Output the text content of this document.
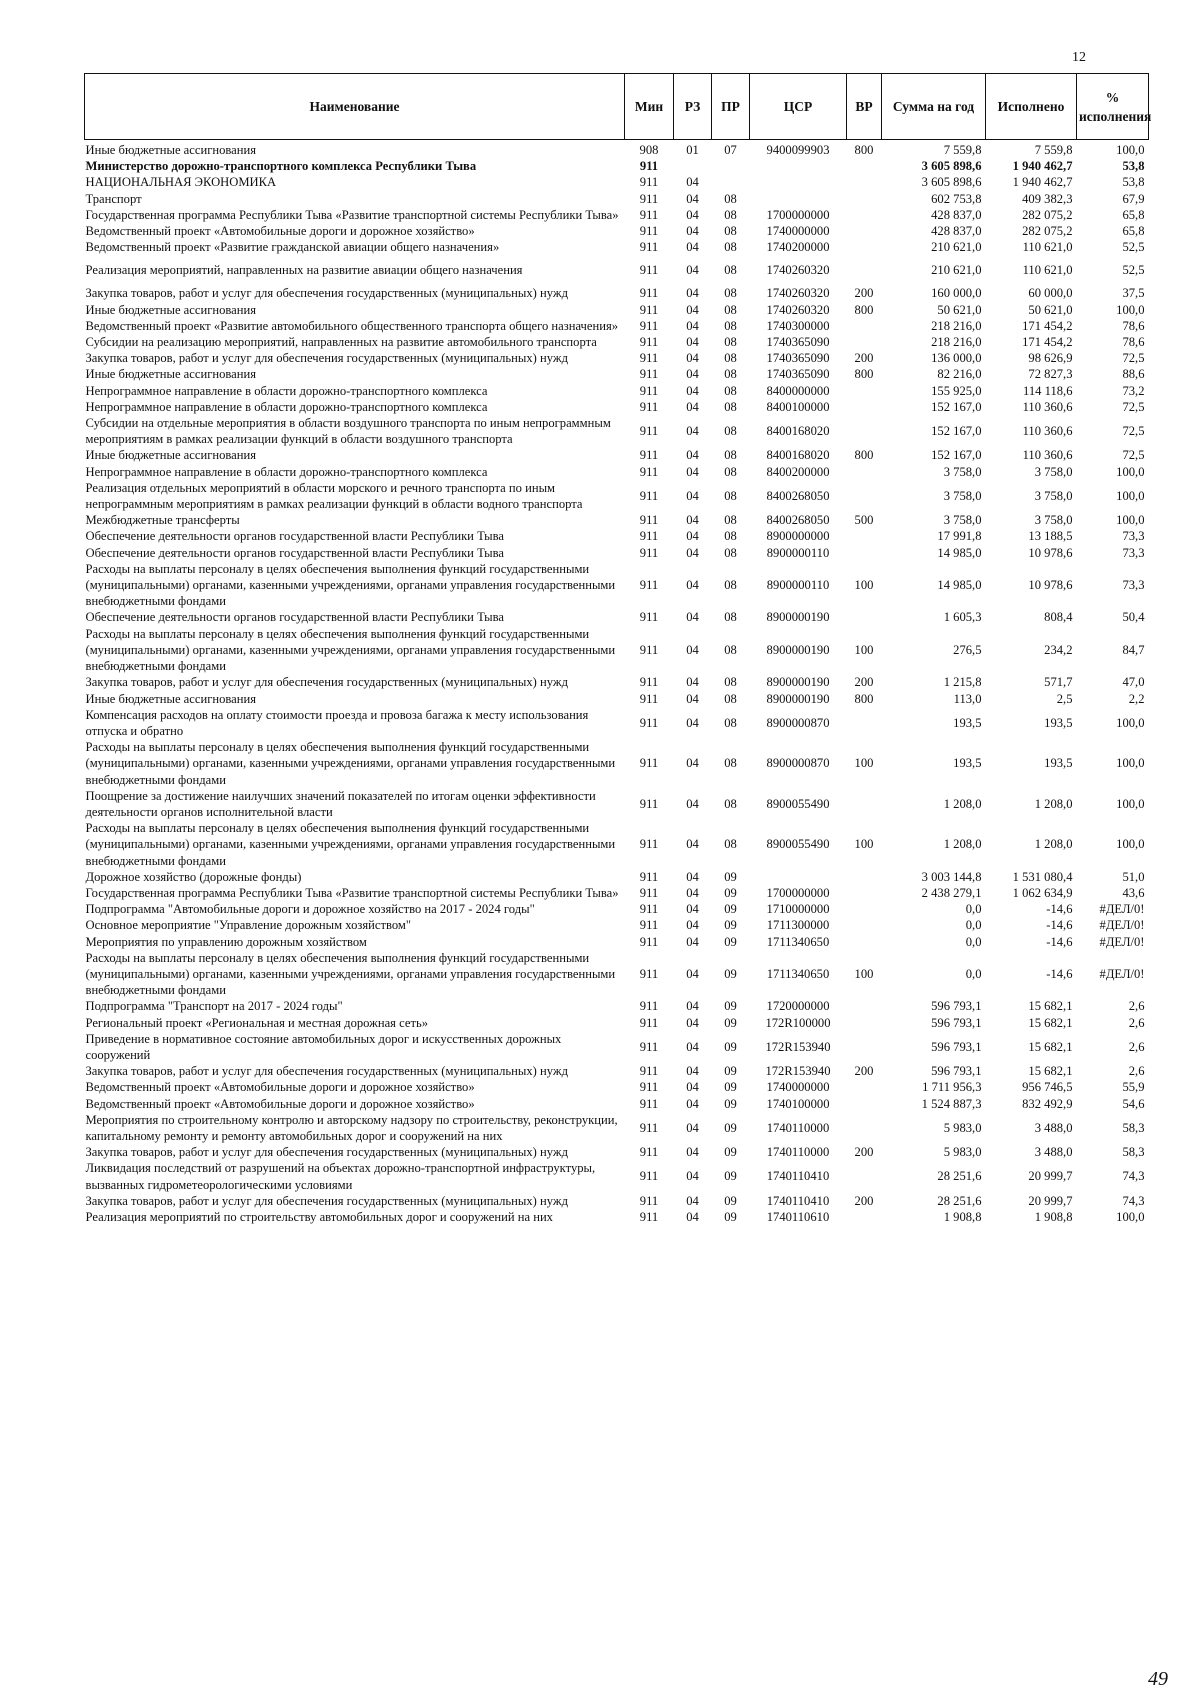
12
Наименование	Мин	РЗ	ПР	ЦСР	ВР	Сумма на год	Исполнено	% исполнения
Иные бюджетные ассигнования	908	01	07	9400099903	800	7 559,8	7 559,8	100,0
Министерство дорожно-транспортного комплекса Республики Тыва	911					3 605 898,6	1 940 462,7	53,8
НАЦИОНАЛЬНАЯ ЭКОНОМИКА	911	04				3 605 898,6	1 940 462,7	53,8
Транспорт	911	04	08			602 753,8	409 382,3	67,9
Государственная программа Республики Тыва «Развитие транспортной системы Республики Тыва»	911	04	08	1700000000		428 837,0	282 075,2	65,8
Ведомственный проект «Автомобильные дороги и дорожное хозяйство»	911	04	08	1740000000		428 837,0	282 075,2	65,8
Ведомственный проект «Развитие гражданской авиации общего назначения»	911	04	08	1740200000		210 621,0	110 621,0	52,5
Реализация мероприятий, направленных на развитие авиации общего назначения	911	04	08	1740260320		210 621,0	110 621,0	52,5
Закупка товаров, работ и услуг для обеспечения государственных (муниципальных) нужд	911	04	08	1740260320	200	160 000,0	60 000,0	37,5
Иные бюджетные ассигнования	911	04	08	1740260320	800	50 621,0	50 621,0	100,0
Ведомственный проект «Развитие автомобильного общественного транспорта общего назначения»	911	04	08	1740300000		218 216,0	171 454,2	78,6
Субсидии на реализацию мероприятий, направленных на развитие автомобильного транспорта	911	04	08	1740365090		218 216,0	171 454,2	78,6
Закупка товаров, работ и услуг для обеспечения государственных (муниципальных) нужд	911	04	08	1740365090	200	136 000,0	98 626,9	72,5
Иные бюджетные ассигнования	911	04	08	1740365090	800	82 216,0	72 827,3	88,6
Непрограммное направление в области дорожно-транспортного комплекса	911	04	08	8400000000		155 925,0	114 118,6	73,2
Непрограммное направление в области дорожно-транспортного комплекса	911	04	08	8400100000		152 167,0	110 360,6	72,5
Субсидии на отдельные мероприятия в области воздушного транспорта по иным непрограммным мероприятиям в рамках реализации функций в области воздушного транспорта	911	04	08	8400168020		152 167,0	110 360,6	72,5
Иные бюджетные ассигнования	911	04	08	8400168020	800	152 167,0	110 360,6	72,5
Непрограммное направление в области дорожно-транспортного комплекса	911	04	08	8400200000		3 758,0	3 758,0	100,0
Реализация отдельных мероприятий в области морского и речного транспорта по иным непрограммным мероприятиям в рамках реализации функций в области водного транспорта	911	04	08	8400268050		3 758,0	3 758,0	100,0
Межбюджетные трансферты	911	04	08	8400268050	500	3 758,0	3 758,0	100,0
Обеспечение деятельности органов государственной власти Республики Тыва	911	04	08	8900000000		17 991,8	13 188,5	73,3
Обеспечение деятельности органов государственной власти Республики Тыва	911	04	08	8900000110		14 985,0	10 978,6	73,3
Расходы на выплаты персоналу в целях обеспечения выполнения функций государственными (муниципальными) органами, казенными учреждениями, органами управления государственными внебюджетными фондами	911	04	08	8900000110	100	14 985,0	10 978,6	73,3
Обеспечение деятельности органов государственной власти Республики Тыва	911	04	08	8900000190		1 605,3	808,4	50,4
Расходы на выплаты персоналу в целях обеспечения выполнения функций государственными (муниципальными) органами, казенными учреждениями, органами управления государственными внебюджетными фондами	911	04	08	8900000190	100	276,5	234,2	84,7
Закупка товаров, работ и услуг для обеспечения государственных (муниципальных) нужд	911	04	08	8900000190	200	1 215,8	571,7	47,0
Иные бюджетные ассигнования	911	04	08	8900000190	800	113,0	2,5	2,2
Компенсация расходов на оплату стоимости проезда и провоза багажа к месту использования отпуска и обратно	911	04	08	8900000870		193,5	193,5	100,0
Расходы на выплаты персоналу в целях обеспечения выполнения функций государственными (муниципальными) органами, казенными учреждениями, органами управления государственными внебюджетными фондами	911	04	08	8900000870	100	193,5	193,5	100,0
Поощрение за достижение наилучших значений показателей по итогам оценки эффективности деятельности органов исполнительной власти	911	04	08	8900055490		1 208,0	1 208,0	100,0
Расходы на выплаты персоналу в целях обеспечения выполнения функций государственными (муниципальными) органами, казенными учреждениями, органами управления государственными внебюджетными фондами	911	04	08	8900055490	100	1 208,0	1 208,0	100,0
Дорожное хозяйство (дорожные фонды)	911	04	09			3 003 144,8	1 531 080,4	51,0
Государственная программа Республики Тыва «Развитие транспортной системы Республики Тыва»	911	04	09	1700000000		2 438 279,1	1 062 634,9	43,6
Подпрограмма "Автомобильные дороги и дорожное хозяйство на 2017 - 2024 годы"	911	04	09	1710000000		0,0	-14,6	#ДЕЛ/0!
Основное мероприятие "Управление дорожным хозяйством"	911	04	09	1711300000		0,0	-14,6	#ДЕЛ/0!
Мероприятия по управлению дорожным хозяйством	911	04	09	1711340650		0,0	-14,6	#ДЕЛ/0!
Расходы на выплаты персоналу в целях обеспечения выполнения функций государственными (муниципальными) органами, казенными учреждениями, органами управления государственными внебюджетными фондами	911	04	09	1711340650	100	0,0	-14,6	#ДЕЛ/0!
Подпрограмма "Транспорт на 2017 - 2024 годы"	911	04	09	1720000000		596 793,1	15 682,1	2,6
Региональный проект «Региональная и местная дорожная сеть»	911	04	09	172R100000		596 793,1	15 682,1	2,6
Приведение в нормативное состояние автомобильных дорог и искусственных дорожных сооружений	911	04	09	172R153940		596 793,1	15 682,1	2,6
Закупка товаров, работ и услуг для обеспечения государственных (муниципальных) нужд	911	04	09	172R153940	200	596 793,1	15 682,1	2,6
Ведомственный проект «Автомобильные дороги и дорожное хозяйство»	911	04	09	1740000000		1 711 956,3	956 746,5	55,9
Ведомственный проект «Автомобильные дороги и дорожное хозяйство»	911	04	09	1740100000		1 524 887,3	832 492,9	54,6
Мероприятия по строительному контролю и авторскому надзору по строительству, реконструкции, капитальному ремонту и ремонту автомобильных дорог и сооружений на них	911	04	09	1740110000		5 983,0	3 488,0	58,3
Закупка товаров, работ и услуг для обеспечения государственных (муниципальных) нужд	911	04	09	1740110000	200	5 983,0	3 488,0	58,3
Ликвидация последствий от разрушений на объектах дорожно-транспортной инфраструктуры, вызванных гидрометеорологическими условиями	911	04	09	1740110410		28 251,6	20 999,7	74,3
Закупка товаров, работ и услуг для обеспечения государственных (муниципальных) нужд	911	04	09	1740110410	200	28 251,6	20 999,7	74,3
Реализация мероприятий по строительству автомобильных дорог и сооружений на них	911	04	09	1740110610		1 908,8	1 908,8	100,0
49
